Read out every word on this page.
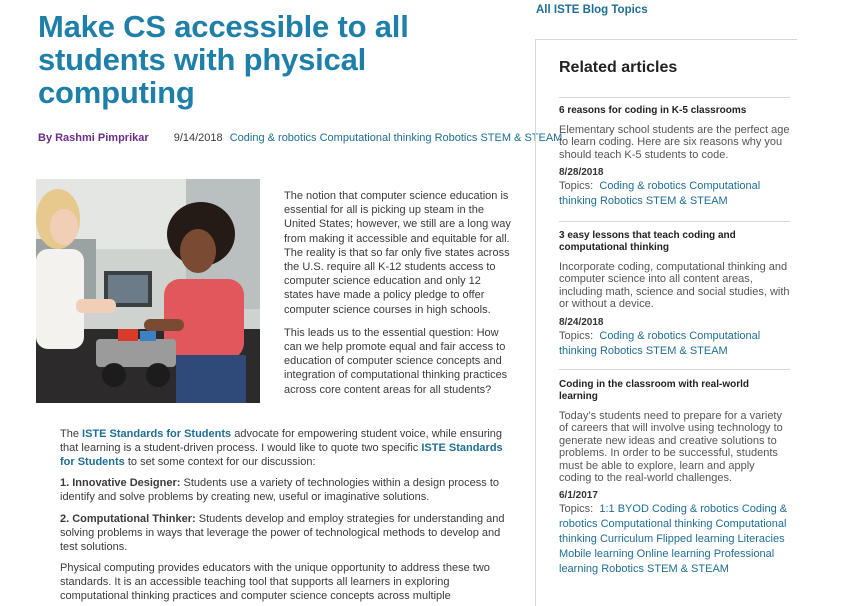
All ISTE Blog Topics
Make CS accessible to all students with physical computing
By Rashmi Pimprikar 9/14/2018 Coding & robotics Computational thinking Robotics STEM & STEAM

The notion that computer science education is essential for all is picking up steam in the United States; however, we still are a long way from making it accessible and equitable for all. The reality is that so far only five states across the U.S. require all K-12 students access to computer science education and only 12 states have made a policy pledge to offer computer science courses in high schools.

This leads us to the essential question: How can we help promote equal and fair access to education of computer science concepts and integration of computational thinking practices across core content areas for all students?

The ISTE Standards for Students advocate for empowering student voice, while ensuring that learning is a student-driven process. I would like to quote two specific ISTE Standards for Students to set some context for our discussion:

1. Innovative Designer: Students use a variety of technologies within a design process to identify and solve problems by creating new, useful or imaginative solutions.

2. Computational Thinker: Students develop and employ strategies for understanding and solving problems in ways that leverage the power of technological methods to develop and test solutions.

Physical computing provides educators with the unique opportunity to address these two standards. It is an accessible teaching tool that supports all learners in exploring computational thinking practices and computer science concepts across multiple

Related articles
6 reasons for coding in K-5 classrooms
Elementary school students are the perfect age to learn coding. Here are six reasons why you should teach K-5 students to code.
8/28/2018
Topics: Coding & robotics Computational thinking Robotics STEM & STEAM
3 easy lessons that teach coding and computational thinking
Incorporate coding, computational thinking and computer science into all content areas, including math, science and social studies, with or without a device.
8/24/2018
Topics: Coding & robotics Computational thinking Robotics STEM & STEAM
Coding in the classroom with real-world learning
Today’s students need to prepare for a variety of careers that will involve using technology to generate new ideas and creative solutions to problems. In order to be successful, students must be able to explore, learn and apply coding to the real-world challenges.
6/1/2017
Topics: 1:1 BYOD Coding & robotics Coding & robotics Computational thinking Computational thinking Curriculum Flipped learning Literacies Mobile learning Online learning Professional learning Robotics STEM & STEAM
